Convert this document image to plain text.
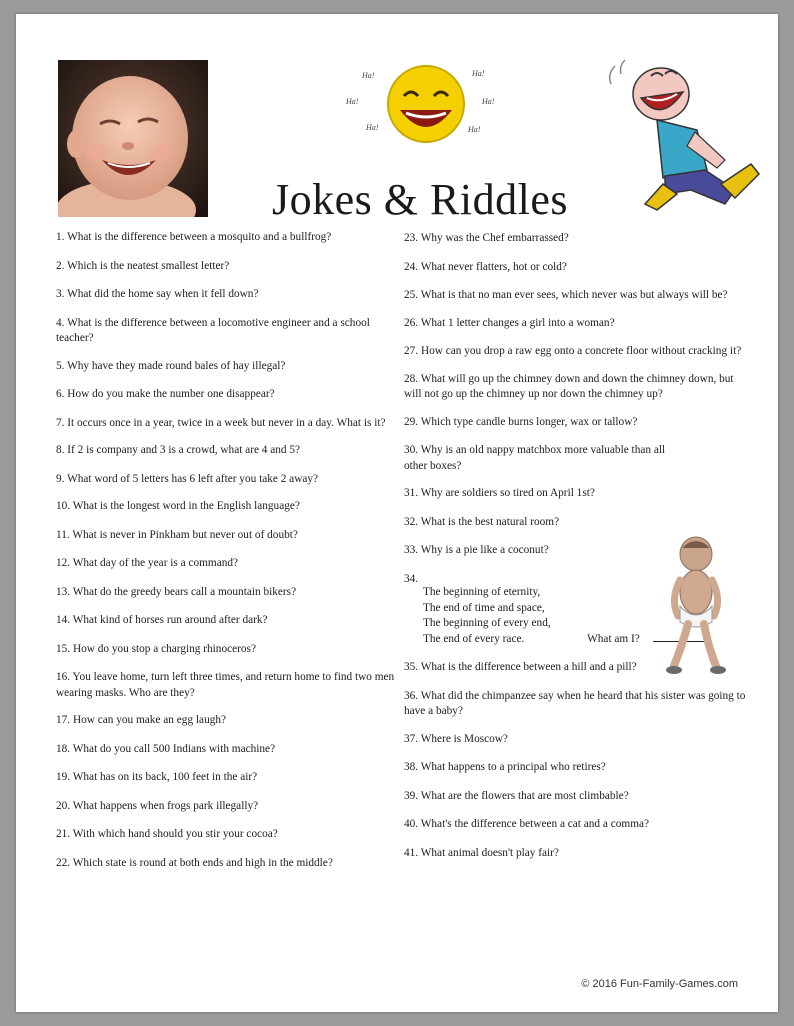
Ha!
Ha!
Ha!
Ha!
Ha!
Ha!
Jokes & Riddles
1. What is the difference between a mosquito and a bullfrog?
2. Which is the neatest smallest letter?
3. What did the home say when it fell down?
4. What is the difference between a locomotive engineer and a school teacher?
5. Why have they made round bales of hay illegal?
6. How do you make the number one disappear?
7. It occurs once in a year, twice in a week but never in a day. What is it?
8. If 2 is company and 3 is a crowd, what are 4 and 5?
9. What word of 5 letters has 6 left after you take 2 away?
10. What is the longest word in the English language?
11. What is never in Pinkham but never out of doubt?
12. What day of the year is a command?
13. What do the greedy bears call a mountain bikers?
14. What kind of horses run around after dark?
15. How do you stop a charging rhinoceros?
16. You leave home, turn left three times, and return home to find two men wearing masks. Who are they?
17. How can you make an egg laugh?
18. What do you call 500 Indians with machine?
19. What has on its back, 100 feet in the air?
20. What happens when frogs park illegally?
21. With which hand should you stir your cocoa?
22. Which state is round at both ends and high in the middle?
23. Why was the Chef embarrassed?
24. What never flatters, hot or cold?
25. What is that no man ever sees, which never was but always will be?
26. What 1 letter changes a girl into a woman?
27. How can you drop a raw egg onto a concrete floor without cracking it?
28. What will go up the chimney down and down the chimney down, but will not go up the chimney up nor down the chimney up?
29. Which type candle burns longer, wax or tallow?
30. Why is an old nappy matchbox more valuable than all other boxes?
31. Why are soldiers so tired on April 1st?
32. What is the best natural room?
33. Why is a pie like a coconut?
34.
The beginning of eternity,
The end of time and space,
The beginning of every end,
The end of every race.	What am I?
35. What is the difference between a hill and a pill?
36. What did the chimpanzee say when he heard that his sister was going to have a baby?
37. Where is Moscow?
38. What happens to a principal who retires?
39. What are the flowers that are most climbable?
40. What's the difference between a cat and a comma?
41. What animal doesn't play fair?
© 2016 Fun-Family-Games.com
